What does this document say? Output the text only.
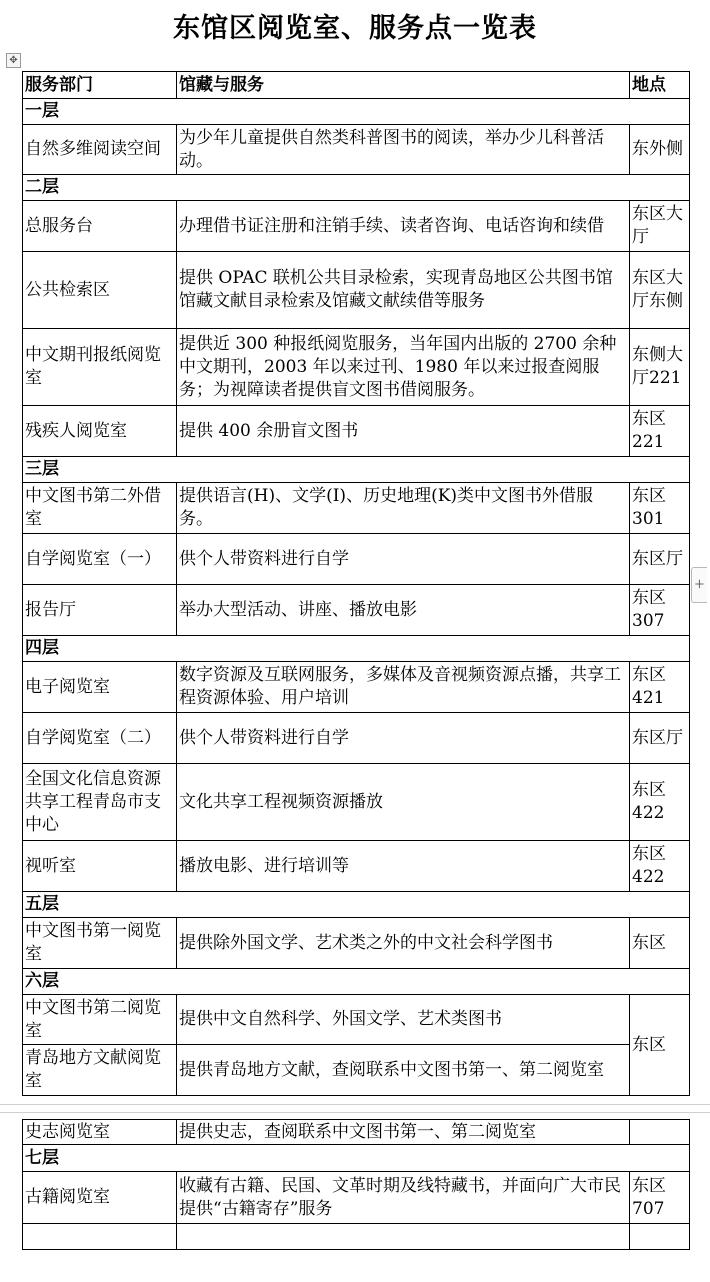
东馆区阅览室、服务点一览表
✥
+
服务部门	馆藏与服务	地点
一层		
自然多维阅读空间	为少年儿童提供自然类科普图书的阅读，举办少儿科普活动。	东外侧
二层		
总服务台	办理借书证注册和注销手续、读者咨询、电话咨询和续借	东区大厅
公共检索区	提供 OPAC 联机公共目录检索，实现青岛地区公共图书馆馆藏文献目录检索及馆藏文献续借等服务	东区大厅东侧
中文期刊报纸阅览室	提供近 300 种报纸阅览服务，当年国内出版的 2700 余种中文期刊，2003 年以来过刊、1980 年以来过报查阅服务；为视障读者提供盲文图书借阅服务。	东侧大厅221
残疾人阅览室	提供 400 余册盲文图书	东区221
三层		
中文图书第二外借室	提供语言(H)、文学(I)、历史地理(K)类中文图书外借服务。	东区301
自学阅览室（一）	供个人带资料进行自学	东区厅
报告厅	举办大型活动、讲座、播放电影	东区307
四层		
电子阅览室	数字资源及互联网服务，多媒体及音视频资源点播，共享工程资源体验、用户培训	东区421
自学阅览室（二）	供个人带资料进行自学	东区厅
全国文化信息资源共享工程青岛市支中心	文化共享工程视频资源播放	东区422
视听室	播放电影、进行培训等	东区422
五层		
中文图书第一阅览室	提供除外国文学、艺术类之外的中文社会科学图书	东区
六层		
中文图书第二阅览室	提供中文自然科学、外国文学、艺术类图书	东区
青岛地方文献阅览室	提供青岛地方文献，查阅联系中文图书第一、第二阅览室	
史志阅览室	提供史志，查阅联系中文图书第一、第二阅览室	
七层		
古籍阅览室	收藏有古籍、民国、文革时期及线特藏书，并面向广大市民提供“古籍寄存”服务	东区707
